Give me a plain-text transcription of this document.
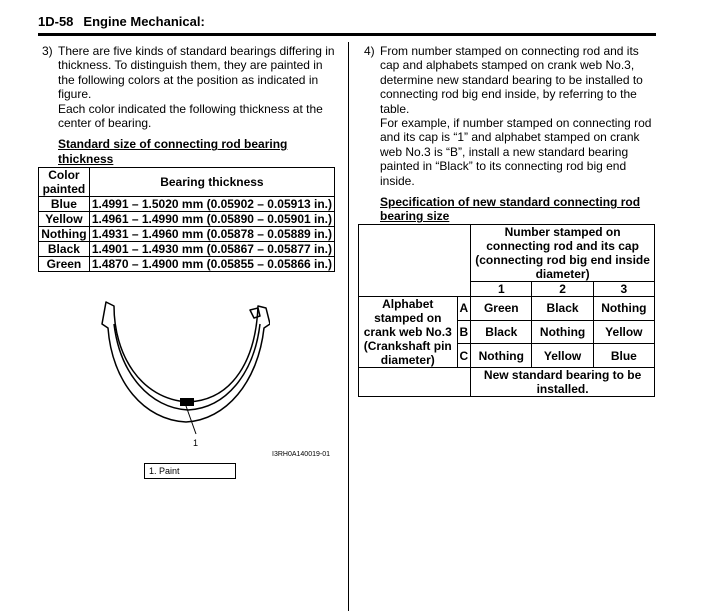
1D-58 Engine Mechanical:
3) There are five kinds of standard bearings differing in thickness. To distinguish them, they are painted in the following colors at the position as indicated in figure.

Each color indicated the following thickness at the center of bearing.

Standard size of connecting rod bearing thickness
Color painted	Bearing thickness
Blue	1.4991 – 1.5020 mm (0.05902 – 0.05913 in.)
Yellow	1.4961 – 1.4990 mm (0.05890 – 0.05901 in.)
Nothing	1.4931 – 1.4960 mm (0.05878 – 0.05889 in.)
Black	1.4901 – 1.4930 mm (0.05867 – 0.05877 in.)
Green	1.4870 – 1.4900 mm (0.05855 – 0.05866 in.)
1
I3RH0A140019-01
1. Paint
4) From number stamped on connecting rod and its cap and alphabets stamped on crank web No.3, determine new standard bearing to be installed to connecting rod big end inside, by referring to the table.

For example, if number stamped on connecting rod and its cap is “1” and alphabet stamped on crank web No.3 is “B”, install a new standard bearing painted in “Black” to its connecting rod big end inside.

Specification of new standard connecting rod bearing size
		Number stamped on connecting rod and its cap (connecting rod big end inside diameter)		
		1	2	3
Alphabet stamped on crank web No.3 (Crankshaft pin diameter)	A	Green	Black	Nothing
	B	Black	Nothing	Yellow
	C	Nothing	Yellow	Blue
		New standard bearing to be installed.		
